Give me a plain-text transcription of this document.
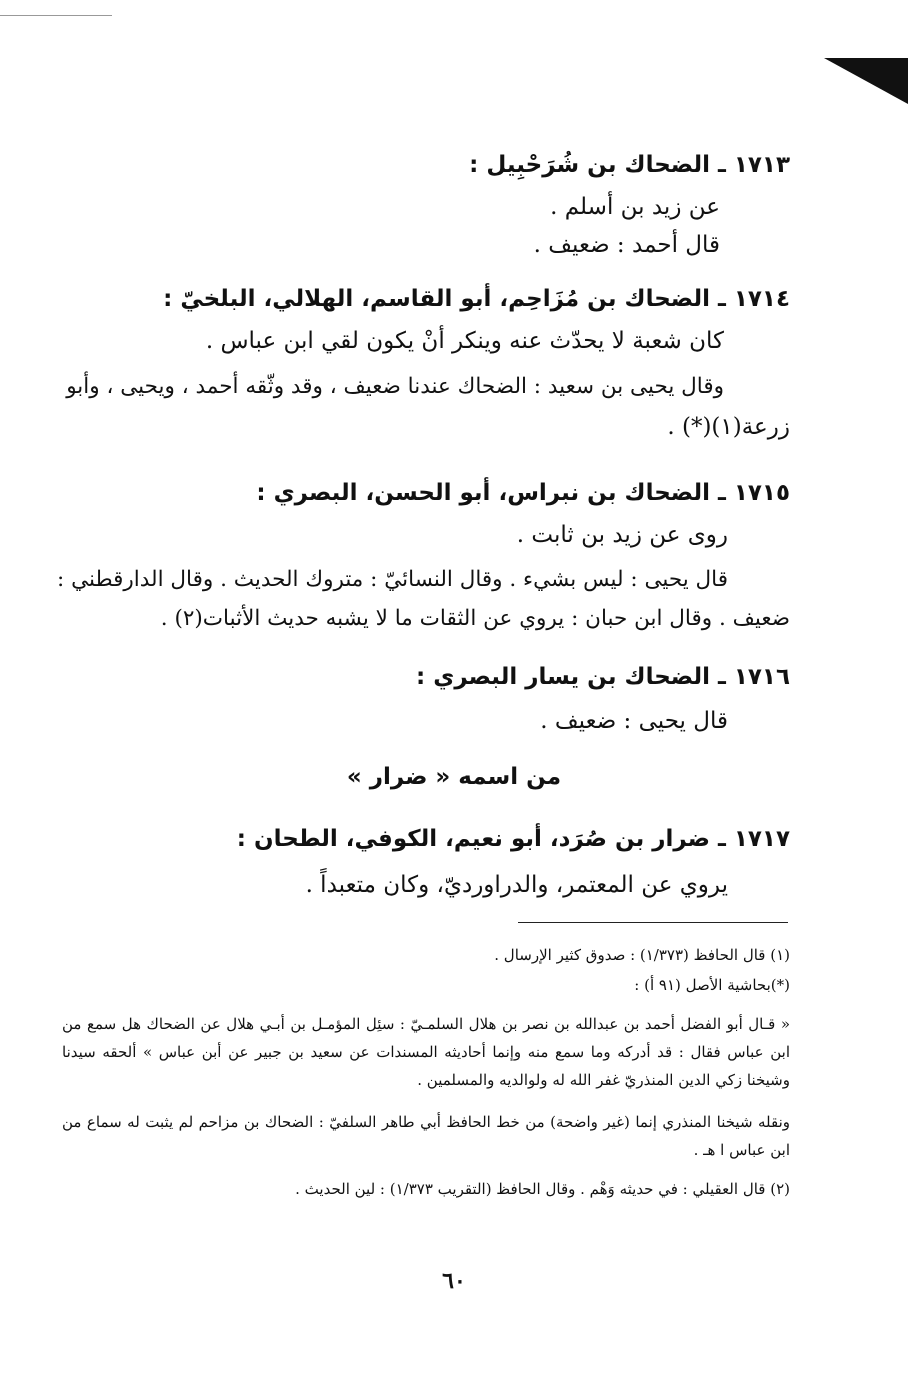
١٧١٣ ـ الضحاك بن شُرَحْبِيل :
عن زيد بن أسلم .
قال أحمد : ضعيف .
١٧١٤ ـ الضحاك بن مُزَاحِم، أبو القاسم، الهلالي، البلخيّ :
كان شعبة لا يحدّث عنه وينكر أنْ يكون لقي ابن عباس .
وقال يحيى بن سعيد : الضحاك عندنا ضعيف ، وقد وثّقه أحمد ، ويحيى ، وأبو
زرعة(١)(*) .
١٧١٥ ـ الضحاك بن نبراس، أبو الحسن، البصري :
روى عن زيد بن ثابت .
قال يحيى : ليس بشيء . وقال النسائيّ : متروك الحديث . وقال الدارقطني :
ضعيف . وقال ابن حبان : يروي عن الثقات ما لا يشبه حديث الأثبات(٢) .
١٧١٦ ـ الضحاك بن يسار البصري :
قال يحيى : ضعيف .
من اسمه « ضرار »
١٧١٧ ـ ضرار بن صُرَد، أبو نعيم، الكوفي، الطحان :
يروي عن المعتمر، والدراورديّ، وكان متعبداً .
(١) قال الحافظ (١/٣٧٣) : صدوق كثير الإرسال .
(*)بحاشية الأصل (٩١ أ) :
« قـال أبو الفضل أحمد بن عبدالله بن نصر بن هلال السلمـيّ : سئِل المؤمـل بن أبـي هلال عن الضحاك هل سمع من ابن عباس فقال : قد أدركه وما سمع منه وإنما أحاديثه المسندات عن سعيد بن جبير عن أبن عباس » ألحقه سيدنا وشيخنا زكي الدين المنذريّ غفر الله له ولوالديه والمسلمين .
ونقله شيخنا المنذري إنما (غير واضحة) من خط الحافظ أبي طاهر السلفيّ : الضحاك بن مزاحم لم يثبت له سماع من ابن عباس ا هـ .
(٢) قال العقيلي : في حديثه وَهْم . وقال الحافظ (التقريب ١/٣٧٣) : لين الحديث .
٦٠
